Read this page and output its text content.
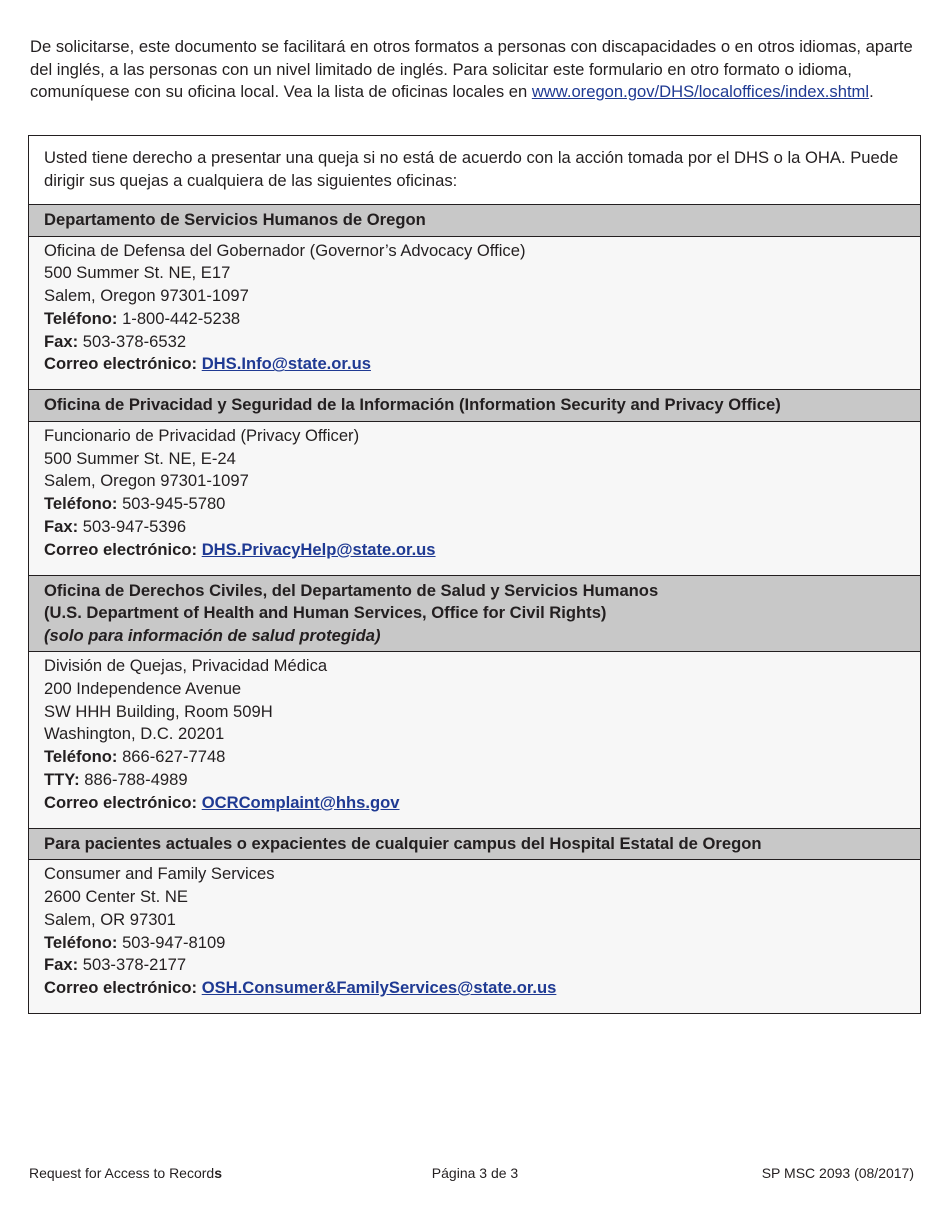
De solicitarse, este documento se facilitará en otros formatos a personas con discapacidades o en otros idiomas, aparte del inglés, a las personas con un nivel limitado de inglés. Para solicitar este formulario en otro formato o idioma, comuníquese con su oficina local. Vea la lista de oficinas locales en www.oregon.gov/DHS/localoffices/index.shtml.
Usted tiene derecho a presentar una queja si no está de acuerdo con la acción tomada por el DHS o la OHA. Puede dirigir sus quejas a cualquiera de las siguientes oficinas:
Departamento de Servicios Humanos de Oregon
Oficina de Defensa del Gobernador (Governor’s Advocacy Office)
500 Summer St. NE, E17
Salem, Oregon 97301-1097
Teléfono: 1-800-442-5238
Fax: 503-378-6532
Correo electrónico: DHS.Info@state.or.us
Oficina de Privacidad y Seguridad de la Información (Information Security and Privacy Office)
Funcionario de Privacidad (Privacy Officer)
500 Summer St. NE, E-24
Salem, Oregon 97301-1097
Teléfono: 503-945-5780
Fax: 503-947-5396
Correo electrónico: DHS.PrivacyHelp@state.or.us
Oficina de Derechos Civiles, del Departamento de Salud y Servicios Humanos
(U.S. Department of Health and Human Services, Office for Civil Rights)
(solo para información de salud protegida)
División de Quejas, Privacidad Médica
200 Independence Avenue
SW HHH Building, Room 509H
Washington, D.C. 20201
Teléfono: 866-627-7748
TTY: 886-788-4989
Correo electrónico: OCRComplaint@hhs.gov
Para pacientes actuales o expacientes de cualquier campus del Hospital Estatal de Oregon
Consumer and Family Services
2600 Center St. NE
Salem, OR 97301
Teléfono: 503-947-8109
Fax: 503-378-2177
Correo electrónico: OSH.Consumer&FamilyServices@state.or.us
Request for Access to Records	Página 3 de 3	SP MSC 2093 (08/2017)
